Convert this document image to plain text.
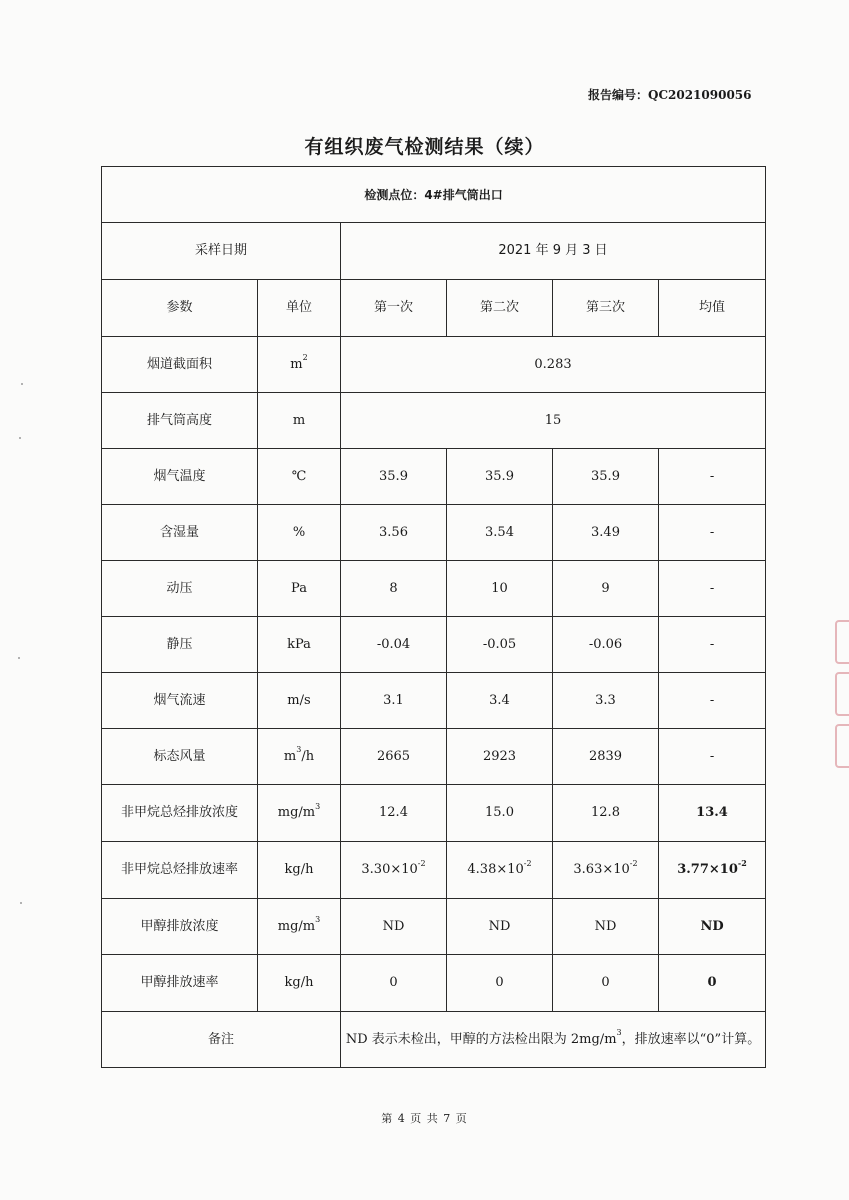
报告编号：QC2021090056
有组织废气检测结果（续）
检测点位：4#排气筒出口					
采样日期		2021 年 9 月 3 日			
参数	单位	第一次	第二次	第三次	均值
烟道截面积	$m^2$	0.283			
排气筒高度	m	15			
烟气温度	℃	35.9	35.9	35.9	-
含湿量	%	3.56	3.54	3.49	-
动压	Pa	8	10	9	-
静压	kPa	-0.04	-0.05	-0.06	-
烟气流速	m/s	3.1	3.4	3.3	-
标态风量	$m^3/h$	2665	2923	2839	-
非甲烷总烃排放浓度	$mg/m^3$	12.4	15.0	12.8	13.4
非甲烷总烃排放速率	kg/h	$3.30\times 10^{-2}$	$4.38\times 10^{-2}$	$3.63\times 10^{-2}$	$3.77\times 10^{-2}$
甲醇排放浓度	$mg/m^3$	ND	ND	ND	ND
甲醇排放速率	kg/h	0	0	0	0
备注		ND 表示未检出，甲醇的方法检出限为 $2mg/m^3$，排放速率以“0”计算。			
第 4 页 共 7 页
